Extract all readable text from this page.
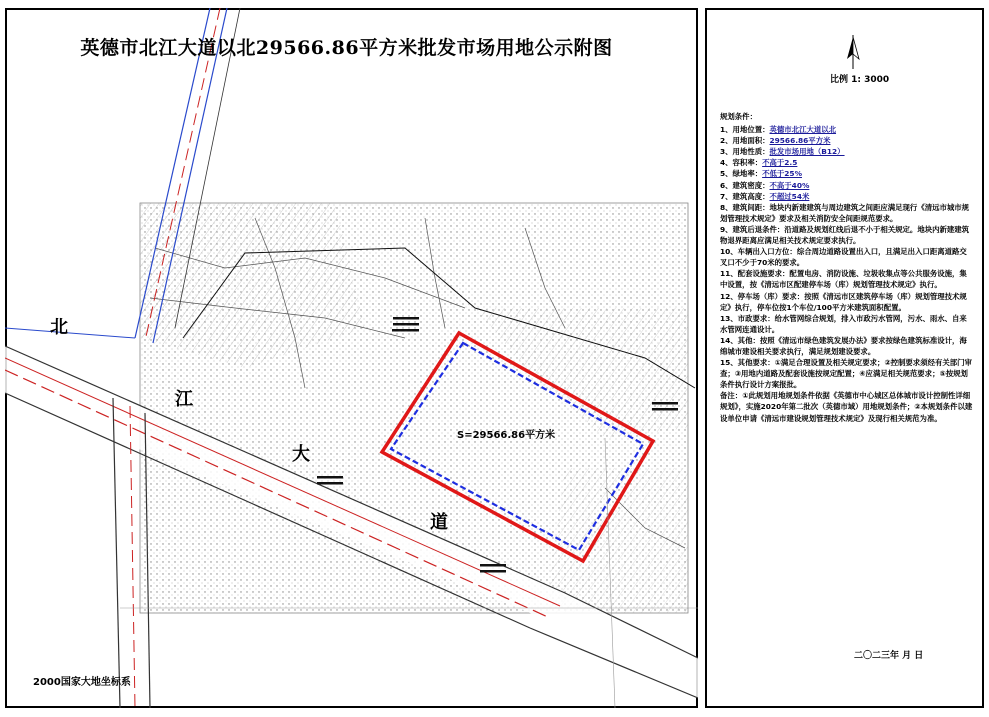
英德市北江大道以北29566.86平方米批发市场用地公示附图
北
江
大
道
S=29566.86平方米
2000国家大地坐标系
比例 1: 3000
规划条件：
1、用地位置：英德市北江大道以北
2、用地面积：29566.86平方米
3、用地性质：批发市场用地（B12）
4、容积率：不高于2.5
5、绿地率：不低于25%
6、建筑密度：不高于40%
7、建筑高度：不超过54米
8、建筑间距：地块内新建建筑与周边建筑之间距应满足现行《清远市城市规划管理技术规定》要求及相关消防安全间距规范要求。
9、建筑后退条件：沿道路及规划红线后退不小于相关规定。地块内新建建筑物退界距离应满足相关技术规定要求执行。
10、车辆出入口方位：综合周边道路设置出入口，且满足出入口距离道路交叉口不少于70米的要求。
11、配套设施要求：配置电房、消防设施、垃圾收集点等公共服务设施，集中设置，按《清远市区配建停车场（库）规划管理技术规定》执行。
12、停车场（库）要求：按照《清远市区建筑停车场（库）规划管理技术规定》执行，停车位按1个车位/100平方米建筑面积配置。
13、市政要求：给水管网综合规划，排入市政污水管网，污水、雨水、自来水管网连通设计。
14、其他：按照《清远市绿色建筑发展办法》要求按绿色建筑标准设计，海绵城市建设相关要求执行，满足规划建设要求。
15、其他要求：①满足合理设置及相关规定要求；②控制要求须经有关部门审查；③用地内道路及配套设施按规定配置；④应满足相关规范要求；⑤按规划条件执行设计方案报批。
备注：①此规划用地规划条件依据《英德市中心城区总体城市设计控制性详细规划》，实施2020年第二批次（英德市域）用地规划条件；②本规划条件以建设单位申请《清远市建设规划管理技术规定》及现行相关规范为准。
二〇二三年 月 日
